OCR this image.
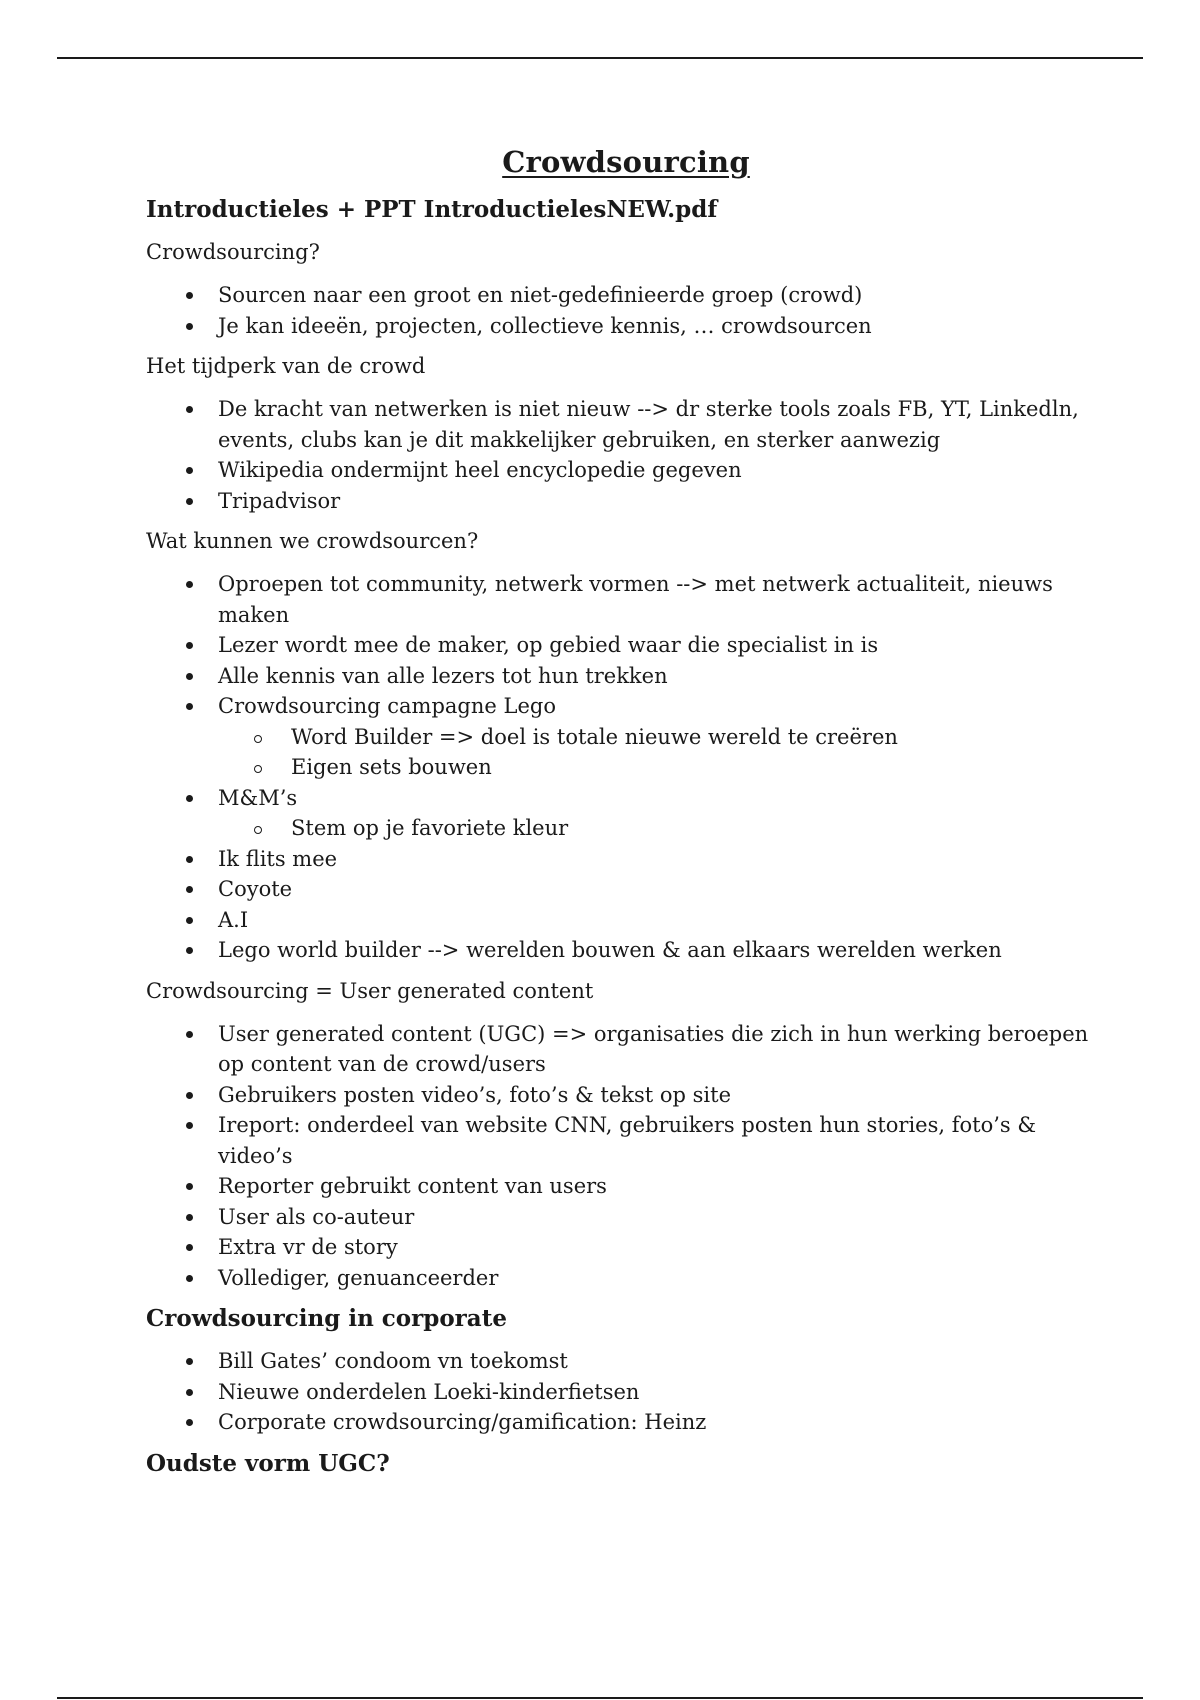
Crowdsourcing
Introductieles + PPT IntroductielesNEW.pdf

Crowdsourcing?

Sourcen naar een groot en niet-gedefinieerde groep (crowd)
Je kan ideeën, projecten, collectieve kennis, … crowdsourcen

Het tijdperk van de crowd

De kracht van netwerken is niet nieuw --> dr sterke tools zoals FB, YT, Linkedln, events, clubs kan je dit makkelijker gebruiken, en sterker aanwezig
Wikipedia ondermijnt heel encyclopedie gegeven
Tripadvisor

Wat kunnen we crowdsourcen?

Oproepen tot community, netwerk vormen --> met netwerk actualiteit, nieuws maken
Lezer wordt mee de maker, op gebied waar die specialist in is
Alle kennis van alle lezers tot hun trekken
Crowdsourcing campagne Lego
Word Builder => doel is totale nieuwe wereld te creëren
Eigen sets bouwen
M&M’s
Stem op je favoriete kleur
Ik flits mee
Coyote
A.I
Lego world builder --> werelden bouwen & aan elkaars werelden werken

Crowdsourcing = User generated content

User generated content (UGC) => organisaties die zich in hun werking beroepen op content van de crowd/users
Gebruikers posten video’s, foto’s & tekst op site
Ireport: onderdeel van website CNN, gebruikers posten hun stories, foto’s & video’s
Reporter gebruikt content van users
User als co-auteur
Extra vr de story
Vollediger, genuanceerder
Crowdsourcing in corporate
Bill Gates’ condoom vn toekomst
Nieuwe onderdelen Loeki-kinderfietsen
Corporate crowdsourcing/gamification: Heinz
Oudste vorm UGC?
